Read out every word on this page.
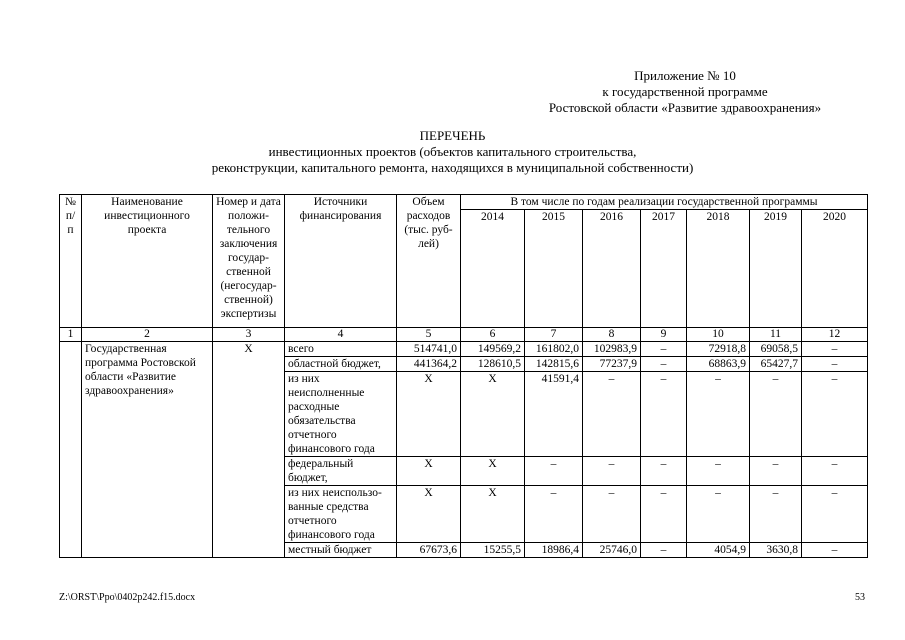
Приложение № 10
к государственной программе
Ростовской области «Развитие здравоохранения»
ПЕРЕЧЕНЬ
инвестиционных проектов (объектов капитального строительства,
реконструкции, капитального ремонта, находящихся в муниципальной собственности)
№ п/п	Наименование инвестиционного проекта	Номер и дата положи-тельного заключения государ-ственной (негосудар-ственной) экспертизы	Источники финансирования	Объем расходов (тыс. руб-лей)	В том числе по годам реализации государственной программы						
					2014	2015	2016	2017	2018	2019	2020
1	2	3	4	5	6	7	8	9	10	11	12
	Государственная программа Ростовской области «Развитие здравоохранения»	X	всего	514741,0	149569,2	161802,0	102983,9	–	72918,8	69058,5	–
			областной бюджет,	441364,2	128610,5	142815,6	77237,9	–	68863,9	65427,7	–
			из них неисполненные расходные обязательства отчетного финансового года	X	X	41591,4	–	–	–	–	–
			федеральный бюджет,	X	X	–	–	–	–	–	–
			из них неиспользо-ванные средства отчетного финансового года	X	X	–	–	–	–	–	–
			местный бюджет	67673,6	15255,5	18986,4	25746,0	–	4054,9	3630,8	–
Z:\ORST\Ppo\0402p242.f15.docx	53
